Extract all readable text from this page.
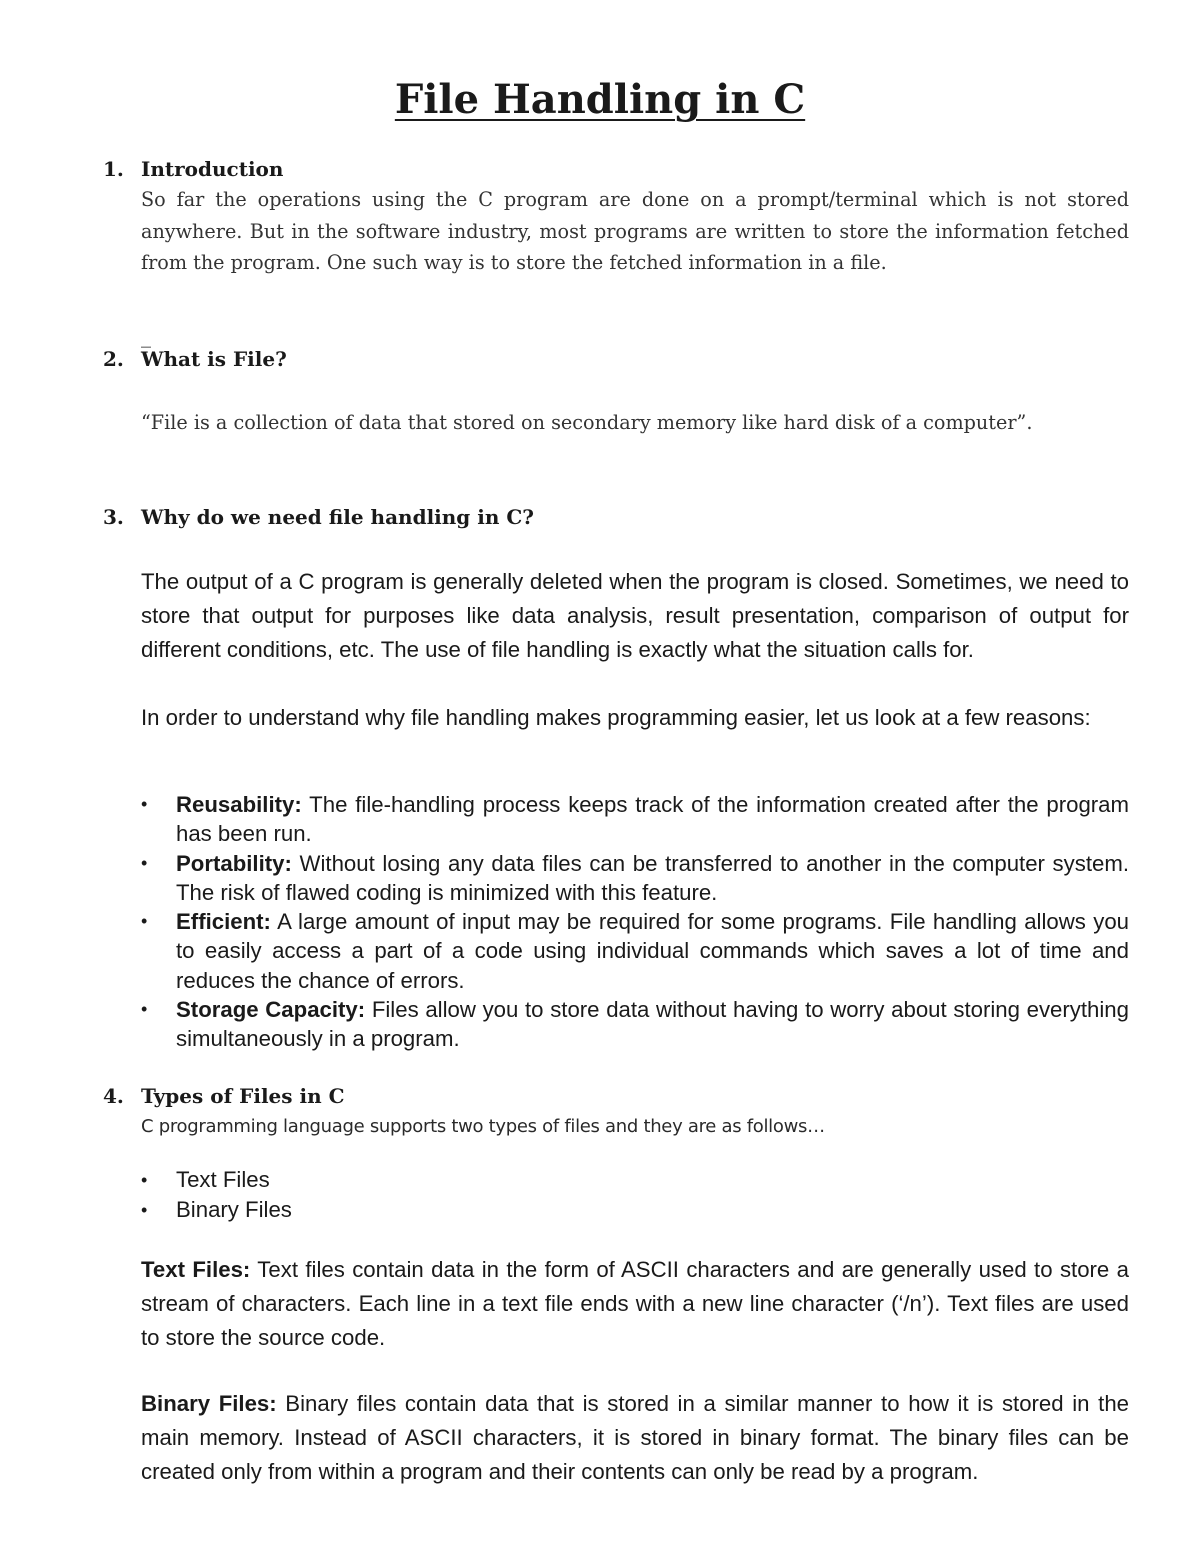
File Handling in C
1. Introduction

So far the operations using the C program are done on a prompt/terminal which is not stored anywhere. But in the software industry, most programs are written to store the information fetched from the program. One such way is to store the fetched information in a file.

_
2. What is File?

“File is a collection of data that stored on secondary memory like hard disk of a computer”.

3. Why do we need file handling in C?

The output of a C program is generally deleted when the program is closed. Sometimes, we need to store that output for purposes like data analysis, result presentation, comparison of output for different conditions, etc. The use of file handling is exactly what the situation calls for.

In order to understand why file handling makes programming easier, let us look at a few reasons:

•	Reusability: The file-handling process keeps track of the information created after the program has been run.
•	Portability: Without losing any data files can be transferred to another in the computer system. The risk of flawed coding is minimized with this feature.
•	Efficient: A large amount of input may be required for some programs. File handling allows you to easily access a part of a code using individual commands which saves a lot of time and reduces the chance of errors.
•	Storage Capacity: Files allow you to store data without having to worry about storing everything simultaneously in a program.
4. Types of Files in C

C programming language supports two types of files and they are as follows…

•	Text Files
•	Binary Files

Text Files: Text files contain data in the form of ASCII characters and are generally used to store a stream of characters. Each line in a text file ends with a new line character (‘/n’). Text files are used to store the source code.

Binary Files: Binary files contain data that is stored in a similar manner to how it is stored in the main memory. Instead of ASCII characters, it is stored in binary format. The binary files can be created only from within a program and their contents can only be read by a program.
